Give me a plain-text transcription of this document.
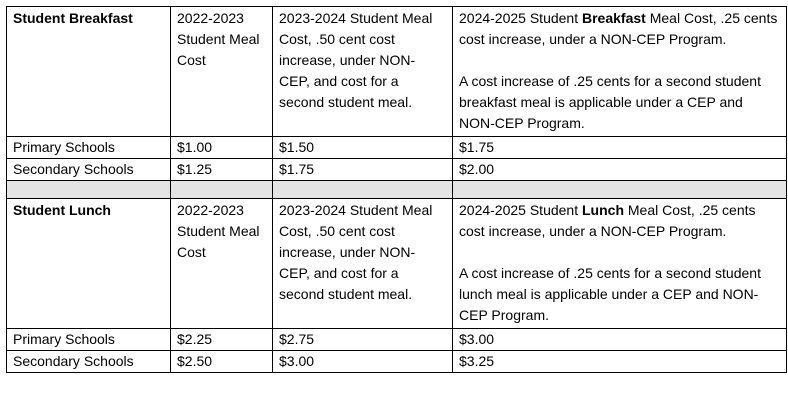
Student Breakfast	2022-2023 Student Meal Cost	2023-2024 Student Meal Cost, .50 cent cost increase, under NON-CEP, and cost for a second student meal.	2024-2025 Student Breakfast Meal Cost, .25 cents cost increase, under a NON-CEP Program.

A cost increase of .25 cents for a second student breakfast meal is applicable under a CEP and NON-CEP Program.

Primary Schools	$1.00	$1.50	$1.75
Secondary Schools	$1.25	$1.75	$2.00

Student Lunch	2022-2023 Student Meal Cost	2023-2024 Student Meal Cost, .50 cent cost increase, under NON-CEP, and cost for a second student meal.	2024-2025 Student Lunch Meal Cost, .25 cents cost increase, under a NON-CEP Program.

A cost increase of .25 cents for a second student lunch meal is applicable under a CEP and NON-CEP Program.

Primary Schools	$2.25	$2.75	$3.00
Secondary Schools	$2.50	$3.00	$3.25
